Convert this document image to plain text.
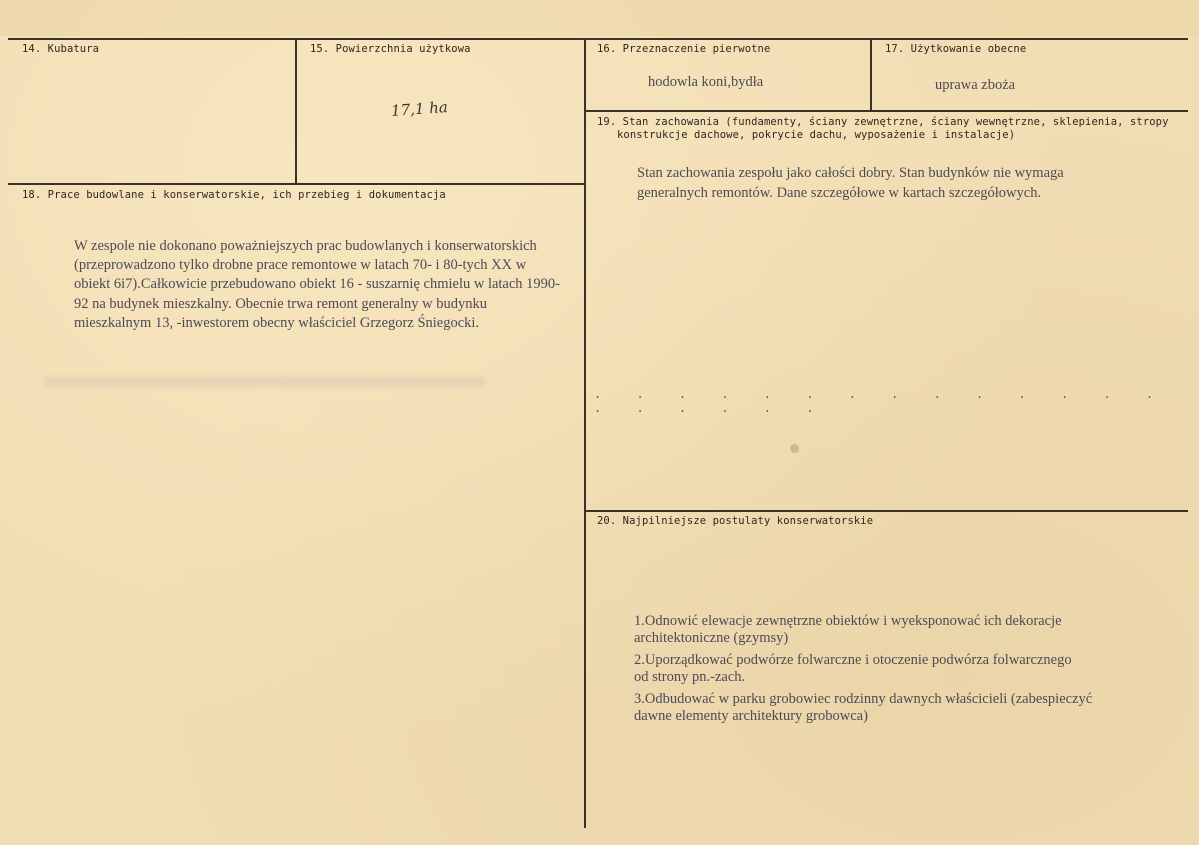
14. Kubatura	15. Powierzchnia użytkowa
17,1 ha
16. Przeznaczenie pierwotne
hodowla koni,bydła
17. Użytkowanie obecne
uprawa zboża
18. Prace budowlane i konserwatorskie, ich przebieg i dokumentacja
W zespole nie dokonano poważniejszych prac budowlanych i konserwatorskich
(przeprowadzono tylko drobne prace remontowe w latach 70- i 80-tych XX w
obiekt 6i7).Całkowicie przebudowano obiekt 16 - suszarnię chmielu w latach 1990-
92 na budynek mieszkalny. Obecnie trwa remont generalny w budynku
mieszkalnym 13, -inwestorem obecny właściciel Grzegorz Śniegocki.
19. Stan zachowania (fundamenty, ściany zewnętrzne, ściany wewnętrzne, sklepienia, stropy
konstrukcje dachowe, pokrycie dachu, wyposażenie i instalacje)
Stan zachowania zespołu jako całości dobry. Stan budynków nie wymaga
generalnych remontów. Dane szczegółowe w kartach szczegółowych.
. . . . . . . . . . . . . . . . . . . .
20. Najpilniejsze postulaty konserwatorskie
1.Odnowić elewacje zewnętrzne obiektów i wyeksponować ich dekoracje
architektoniczne (gzymsy)
2.Uporządkować podwórze folwarczne i otoczenie podwórza folwarcznego
od strony pn.-zach.
3.Odbudować w parku grobowiec rodzinny dawnych właścicieli (zabespieczyć
dawne elementy architektury grobowca)
